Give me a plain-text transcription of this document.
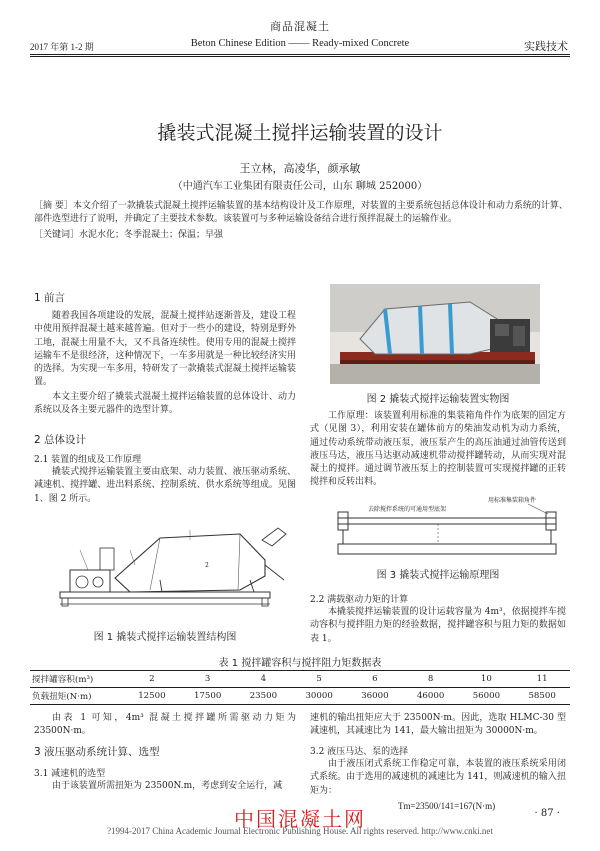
商品混凝土
2017 年第 1-2 期	Beton Chinese Edition —— Ready-mixed Concrete	实践技术
撬装式混凝土搅拌运输装置的设计
王立林，高凌华，颜承敏
（中通汽车工业集团有限责任公司，山东 聊城 252000）
［摘 要］本文介绍了一款撬装式混凝土搅拌运输装置的基本结构设计及工作原理，对装置的主要系统包括总体设计和动力系统的计算、部件选型进行了说明，并确定了主要技术参数。该装置可与多种运输设备结合进行预拌混凝土的运输作业。
［关键词］水泥水化；冬季混凝土；保温；早强
1 前言
随着我国各项建设的发展，混凝土搅拌站逐渐普及，建设工程中使用预拌混凝土越来越普遍。但对于一些小的建设，特别是野外工地，混凝土用量不大，又不具备连续性。使用专用的混凝土搅拌运输车不是很经济，这种情况下，一车多用就是一种比较经济实用的选择。为实现一车多用，特研发了一款撬装式混凝土搅拌运输装置。
本文主要介绍了撬装式混凝土搅拌运输装置的总体设计、动力系统以及各主要元器件的选型计算。
2 总体设计
2.1 装置的组成及工作原理
撬装式搅拌运输装置主要由底架、动力装置、液压驱动系统、减速机、搅拌罐、进出料系统、控制系统、供水系统等组成。见图 1、图 2 所示。
2
图 1 撬装式搅拌运输装置结构图
图 2 撬装式搅拌运输装置实物图
工作原理：该装置利用标准的集装箱角件作为底架的固定方式（见图 3），利用安装在罐体前方的柴油发动机为动力系统，通过传动系统带动液压泵，液压泵产生的高压油通过油管传送到液压马达，液压马达驱动减速机带动搅拌罐转动，从而实现对混凝土的搅拌。通过调节液压泵上的控制装置可实现搅拌罐的正转搅拌和反转出料。
用标准集装箱角件
去除搅拌系统的可通用型底架
图 3 撬装式搅拌运输原理图
2.2 满载驱动力矩的计算
本撬装搅拌运输装置的设计运载容量为 4m³，依据搅拌车搅动容积与搅拌阻力矩的经验数据，搅拌罐容积与阻力矩的数据如表 1。
表 1 搅拌罐容积与搅拌阻力矩数据表
搅拌罐容积(m³)	2	3	4	5	6	8	10	11
负载扭矩(N·m)	12500	17500	23500	30000	36000	46000	56000	58500
由表 1 可知，4m³ 混凝土搅拌罐所需驱动力矩为 23500N·m。
3 液压驱动系统计算、选型
3.1 减速机的选型
由于该装置所需扭矩为 23500N.m，考虑到安全运行，减
速机的输出扭矩应大于 23500N·m。因此，选取 HLMC-30 型减速机，其减速比为 141，最大输出扭矩为 30000N·m。
3.2 液压马达、泵的选择
由于液压闭式系统工作稳定可靠，本装置的液压系统采用闭式系统。由于选用的减速机的减速比为 141，则减速机的输入扭矩为：
Tm=23500/141=167(N·m)
中国混凝土网	· 87 ·
?1994-2017 China Academic Journal Electronic Publishing House. All rights reserved. http://www.cnki.net
